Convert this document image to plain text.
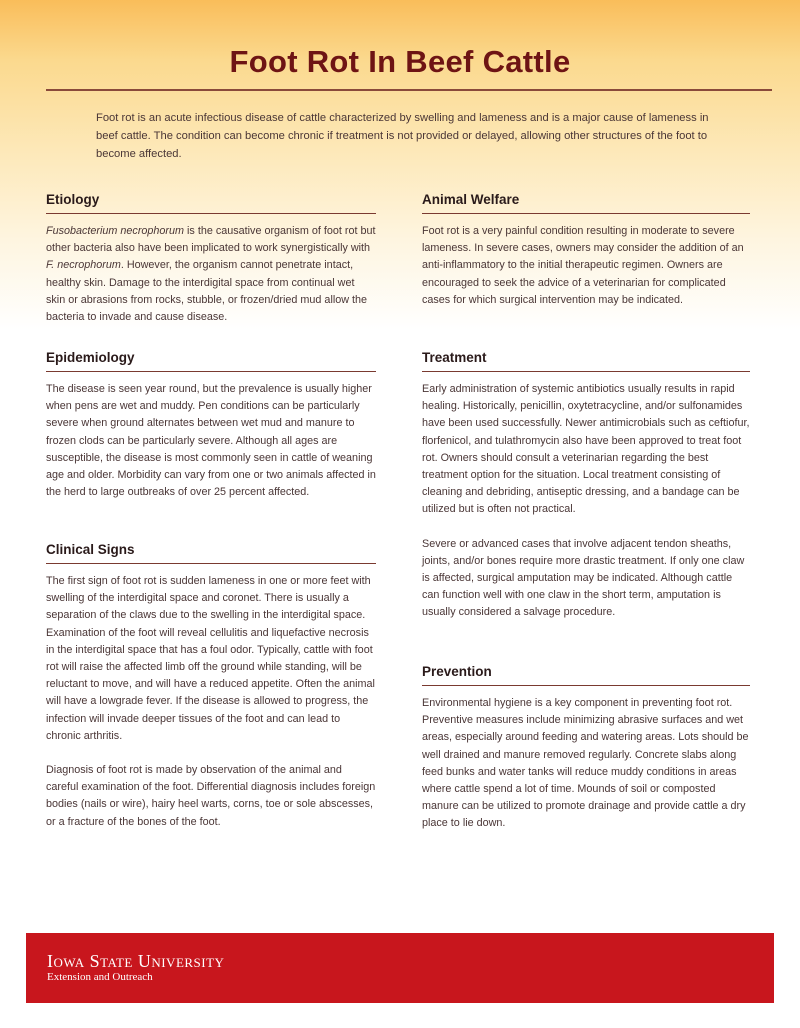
Foot Rot In Beef Cattle

Foot rot is an acute infectious disease of cattle characterized by swelling and lameness and is a major cause of lameness in beef cattle. The condition can become chronic if treatment is not provided or delayed, allowing other structures of the foot to become affected.

Etiology

Fusobacterium necrophorum is the causative organism of foot rot but other bacteria also have been implicated to work synergistically with F. necrophorum. However, the organism cannot penetrate intact, healthy skin. Damage to the interdigital space from continual wet skin or abrasions from rocks, stubble, or frozen/dried mud allow the bacteria to invade and cause disease.

Epidemiology

The disease is seen year round, but the prevalence is usually higher when pens are wet and muddy. Pen conditions can be particularly severe when ground alternates between wet mud and manure to frozen clods can be particularly severe. Although all ages are susceptible, the disease is most commonly seen in cattle of weaning age and older. Morbidity can vary from one or two animals affected in the herd to large outbreaks of over 25 percent affected.

Clinical Signs

The first sign of foot rot is sudden lameness in one or more feet with swelling of the interdigital space and coronet. There is usually a separation of the claws due to the swelling in the interdigital space. Examination of the foot will reveal cellulitis and liquefactive necrosis in the interdigital space that has a foul odor. Typically, cattle with foot rot will raise the affected limb off the ground while standing, will be reluctant to move, and will have a reduced appetite. Often the animal will have a lowgrade fever. If the disease is allowed to progress, the infection will invade deeper tissues of the foot and can lead to chronic arthritis.

Diagnosis of foot rot is made by observation of the animal and careful examination of the foot. Differential diagnosis includes foreign bodies (nails or wire), hairy heel warts, corns, toe or sole abscesses, or a fracture of the bones of the foot.

Animal Welfare

Foot rot is a very painful condition resulting in moderate to severe lameness. In severe cases, owners may consider the addition of an anti-inflammatory to the initial therapeutic regimen. Owners are encouraged to seek the advice of a veterinarian for complicated cases for which surgical intervention may be indicated.

Treatment

Early administration of systemic antibiotics usually results in rapid healing. Historically, penicillin, oxytetracycline, and/or sulfonamides have been used successfully. Newer antimicrobials such as ceftiofur, florfenicol, and tulathromycin also have been approved to treat foot rot. Owners should consult a veterinarian regarding the best treatment option for the situation. Local treatment consisting of cleaning and debriding, antiseptic dressing, and a bandage can be utilized but is often not practical.

Severe or advanced cases that involve adjacent tendon sheaths, joints, and/or bones require more drastic treatment. If only one claw is affected, surgical amputation may be indicated. Although cattle can function well with one claw in the short term, amputation is usually considered a salvage procedure.

Prevention

Environmental hygiene is a key component in preventing foot rot. Preventive measures include minimizing abrasive surfaces and wet areas, especially around feeding and watering areas. Lots should be well drained and manure removed regularly. Concrete slabs along feed bunks and water tanks will reduce muddy conditions in areas where cattle spend a lot of time. Mounds of soil or composted manure can be utilized to promote drainage and provide cattle a dry place to lie down.

Iowa State University

Extension and Outreach
